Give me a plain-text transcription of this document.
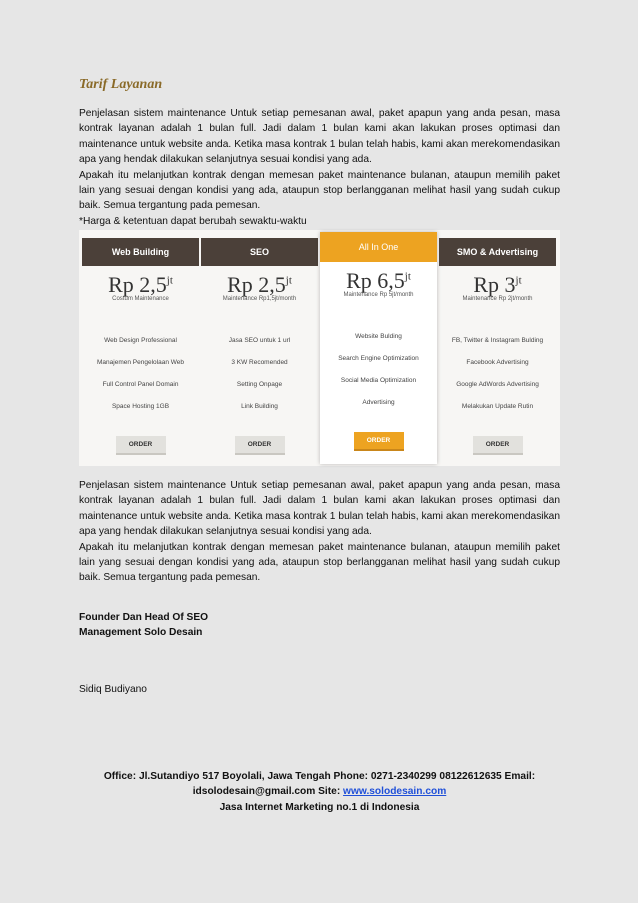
Tarif Layanan

Penjelasan sistem maintenance Untuk setiap pemesanan awal, paket apapun yang anda pesan, masa kontrak layanan adalah 1 bulan full. Jadi dalam 1 bulan kami akan lakukan proses optimasi dan maintenance untuk website anda. Ketika masa kontrak 1 bulan telah habis, kami akan merekomendasikan apa yang hendak dilakukan selanjutnya sesuai kondisi yang ada.

Apakah itu melanjutkan kontrak dengan memesan paket maintenance bulanan, ataupun memilih paket lain yang sesuai dengan kondisi yang ada, ataupun stop berlangganan melihat hasil yang sudah cukup baik. Semua tergantung pada pemesan.

*Harga & ketentuan dapat berubah sewaktu-waktu

Web Building
Rp $2,5^{jt}$
Costum Maintenance
Web Design Professional
Manajemen Pengelolaan Web
Full Control Panel Domain
Space Hosting 1GB
ORDER
SEO
Rp $2,5^{jt}$
Maintenance Rp1,5jt/month
Jasa SEO untuk 1 url
3 KW Recomended
Setting Onpage
Link Building
ORDER
All In One
Rp $6,5^{jt}$
Maintenance Rp 5jt/month
Website Bulding
Search Engine Optimization
Social Media Optimization
Advertising
ORDER
SMO & Advertising
Rp $3^{jt}$
Maintenance Rp 2jt/month
FB, Twitter & Instagram Bulding
Facebook Advertising
Google AdWords Advertising
Melakukan Update Rutin
ORDER

Penjelasan sistem maintenance Untuk setiap pemesanan awal, paket apapun yang anda pesan, masa kontrak layanan adalah 1 bulan full. Jadi dalam 1 bulan kami akan lakukan proses optimasi dan maintenance untuk website anda. Ketika masa kontrak 1 bulan telah habis, kami akan merekomendasikan apa yang hendak dilakukan selanjutnya sesuai kondisi yang ada.

Apakah itu melanjutkan kontrak dengan memesan paket maintenance bulanan, ataupun memilih paket lain yang sesuai dengan kondisi yang ada, ataupun stop berlangganan melihat hasil yang sudah cukup baik. Semua tergantung pada pemesan.

Founder Dan Head Of SEO
Management Solo Desain
Sidiq Budiyano
Office: Jl.Sutandiyo 517 Boyolali, Jawa Tengah Phone: 0271-2340299 08122612635 Email:
idsolodesain@gmail.com Site: www.solodesain.com
Jasa Internet Marketing no.1 di Indonesia
